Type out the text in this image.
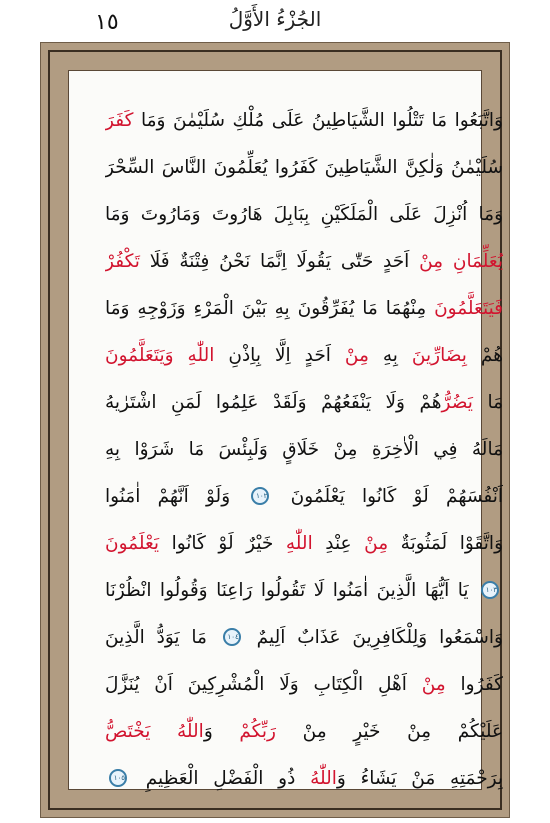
١٥	الجُزْءُ الأَوَّلُ
وَاتَّبَعُوا مَا تَتْلُوا الشَّيَاطِينُ عَلَى مُلْكِ سُلَيْمٰنَ وَمَا كَفَرَ
سُلَيْمٰنُ وَلٰكِنَّ الشَّيَاطِينَ كَفَرُوا يُعَلِّمُونَ النَّاسَ السِّحْرَ
وَمَا اُنْزِلَ عَلَى الْمَلَكَيْنِ بِبَابِلَ هَارُوتَ وَمَارُوتَ وَمَا
يُعَلِّمَانِ مِنْ اَحَدٍ حَتّٰى يَقُولَا اِنَّمَا نَحْنُ فِتْنَةٌ فَلَا تَكْفُرْ
فَيَتَعَلَّمُونَ مِنْهُمَا مَا يُفَرِّقُونَ بِهِ بَيْنَ الْمَرْءِ وَزَوْجِهِ وَمَا
هُمْ بِضَارِّينَ بِهِ مِنْ اَحَدٍ اِلَّا بِاِذْنِ اللّٰهِ وَيَتَعَلَّمُونَ
مَا يَضُرُّهُمْ وَلَا يَنْفَعُهُمْ وَلَقَدْ عَلِمُوا لَمَنِ اشْتَرٰيهُ
مَالَهُ فِي الْاٰخِرَةِ مِنْ خَلَاقٍ وَلَبِئْسَ مَا شَرَوْا بِهِ
اَنْفُسَهُمْ لَوْ كَانُوا يَعْلَمُونَ
١٠٢
وَلَوْ اَنَّهُمْ اٰمَنُوا
وَاتَّقَوْا لَمَثُوبَةٌ مِنْ عِنْدِ اللّٰهِ خَيْرٌ لَوْ كَانُوا يَعْلَمُونَ
١٠٣
يَا اَيُّهَا الَّذِينَ اٰمَنُوا لَا تَقُولُوا رَاعِنَا وَقُولُوا انْظُرْنَا
وَاسْمَعُوا وَلِلْكَافِرِينَ عَذَابٌ اَلِيمٌ
١٠٤
مَا يَوَدُّ الَّذِينَ
كَفَرُوا مِنْ اَهْلِ الْكِتَابِ وَلَا الْمُشْرِكِينَ اَنْ يُنَزَّلَ
عَلَيْكُمْ مِنْ خَيْرٍ مِنْ رَبِّكُمْ وَاللّٰهُ يَخْتَصُّ
بِرَحْمَتِهِ مَنْ يَشَاءُ وَاللّٰهُ ذُو الْفَضْلِ الْعَظِيمِ
١٠٥
